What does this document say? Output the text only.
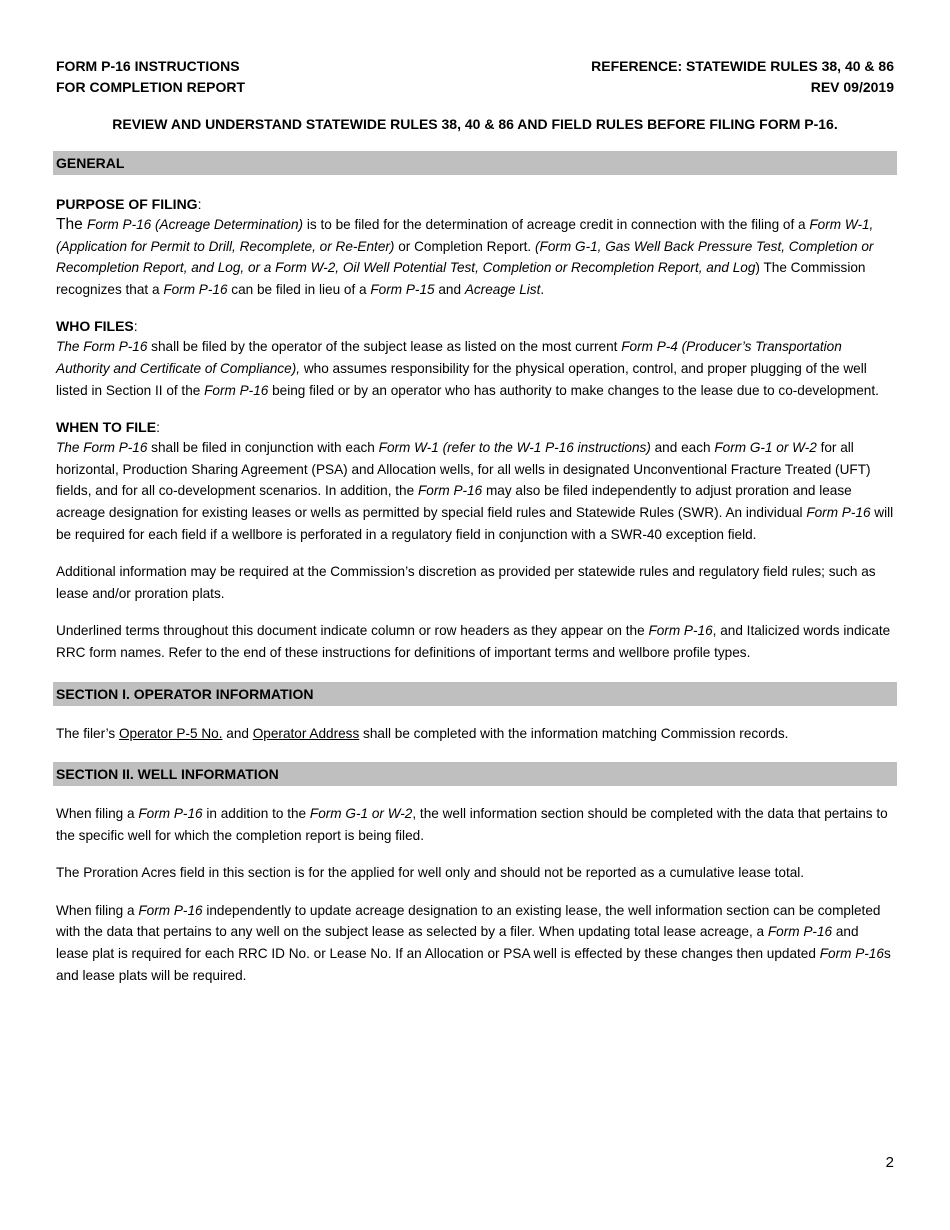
FORM P-16 INSTRUCTIONS
FOR COMPLETION REPORT
REFERENCE: STATEWIDE RULES 38, 40 & 86
REV 09/2019
REVIEW AND UNDERSTAND STATEWIDE RULES 38, 40 & 86 AND FIELD RULES BEFORE FILING FORM P-16.
GENERAL
PURPOSE OF FILING:

The Form P-16 (Acreage Determination) is to be filed for the determination of acreage credit in connection with the filing of a Form W-1, (Application for Permit to Drill, Recomplete, or Re-Enter) or Completion Report. (Form G-1, Gas Well Back Pressure Test, Completion or Recompletion Report, and Log, or a Form W-2, Oil Well Potential Test, Completion or Recompletion Report, and Log) The Commission recognizes that a Form P-16 can be filed in lieu of a Form P-15 and Acreage List.

WHO FILES:

The Form P-16 shall be filed by the operator of the subject lease as listed on the most current Form P-4 (Producer’s Transportation Authority and Certificate of Compliance), who assumes responsibility for the physical operation, control, and proper plugging of the well listed in Section II of the Form P-16 being filed or by an operator who has authority to make changes to the lease due to co-development.

WHEN TO FILE:

The Form P-16 shall be filed in conjunction with each Form W-1 (refer to the W-1 P-16 instructions) and each Form G-1 or W-2 for all horizontal, Production Sharing Agreement (PSA) and Allocation wells, for all wells in designated Unconventional Fracture Treated (UFT) fields, and for all co-development scenarios. In addition, the Form P-16 may also be filed independently to adjust proration and lease acreage designation for existing leases or wells as permitted by special field rules and Statewide Rules (SWR). An individual Form P-16 will be required for each field if a wellbore is perforated in a regulatory field in conjunction with a SWR-40 exception field.

Additional information may be required at the Commission’s discretion as provided per statewide rules and regulatory field rules; such as lease and/or proration plats.

Underlined terms throughout this document indicate column or row headers as they appear on the Form P-16, and Italicized words indicate RRC form names. Refer to the end of these instructions for definitions of important terms and wellbore profile types.

SECTION I. OPERATOR INFORMATION

The filer’s Operator P-5 No. and Operator Address shall be completed with the information matching Commission records.

SECTION II. WELL INFORMATION

When filing a Form P-16 in addition to the Form G-1 or W-2, the well information section should be completed with the data that pertains to the specific well for which the completion report is being filed.

The Proration Acres field in this section is for the applied for well only and should not be reported as a cumulative lease total.

When filing a Form P-16 independently to update acreage designation to an existing lease, the well information section can be completed with the data that pertains to any well on the subject lease as selected by a filer. When updating total lease acreage, a Form P-16 and lease plat is required for each RRC ID No. or Lease No. If an Allocation or PSA well is effected by these changes then updated Form P-16s and lease plats will be required.

2
